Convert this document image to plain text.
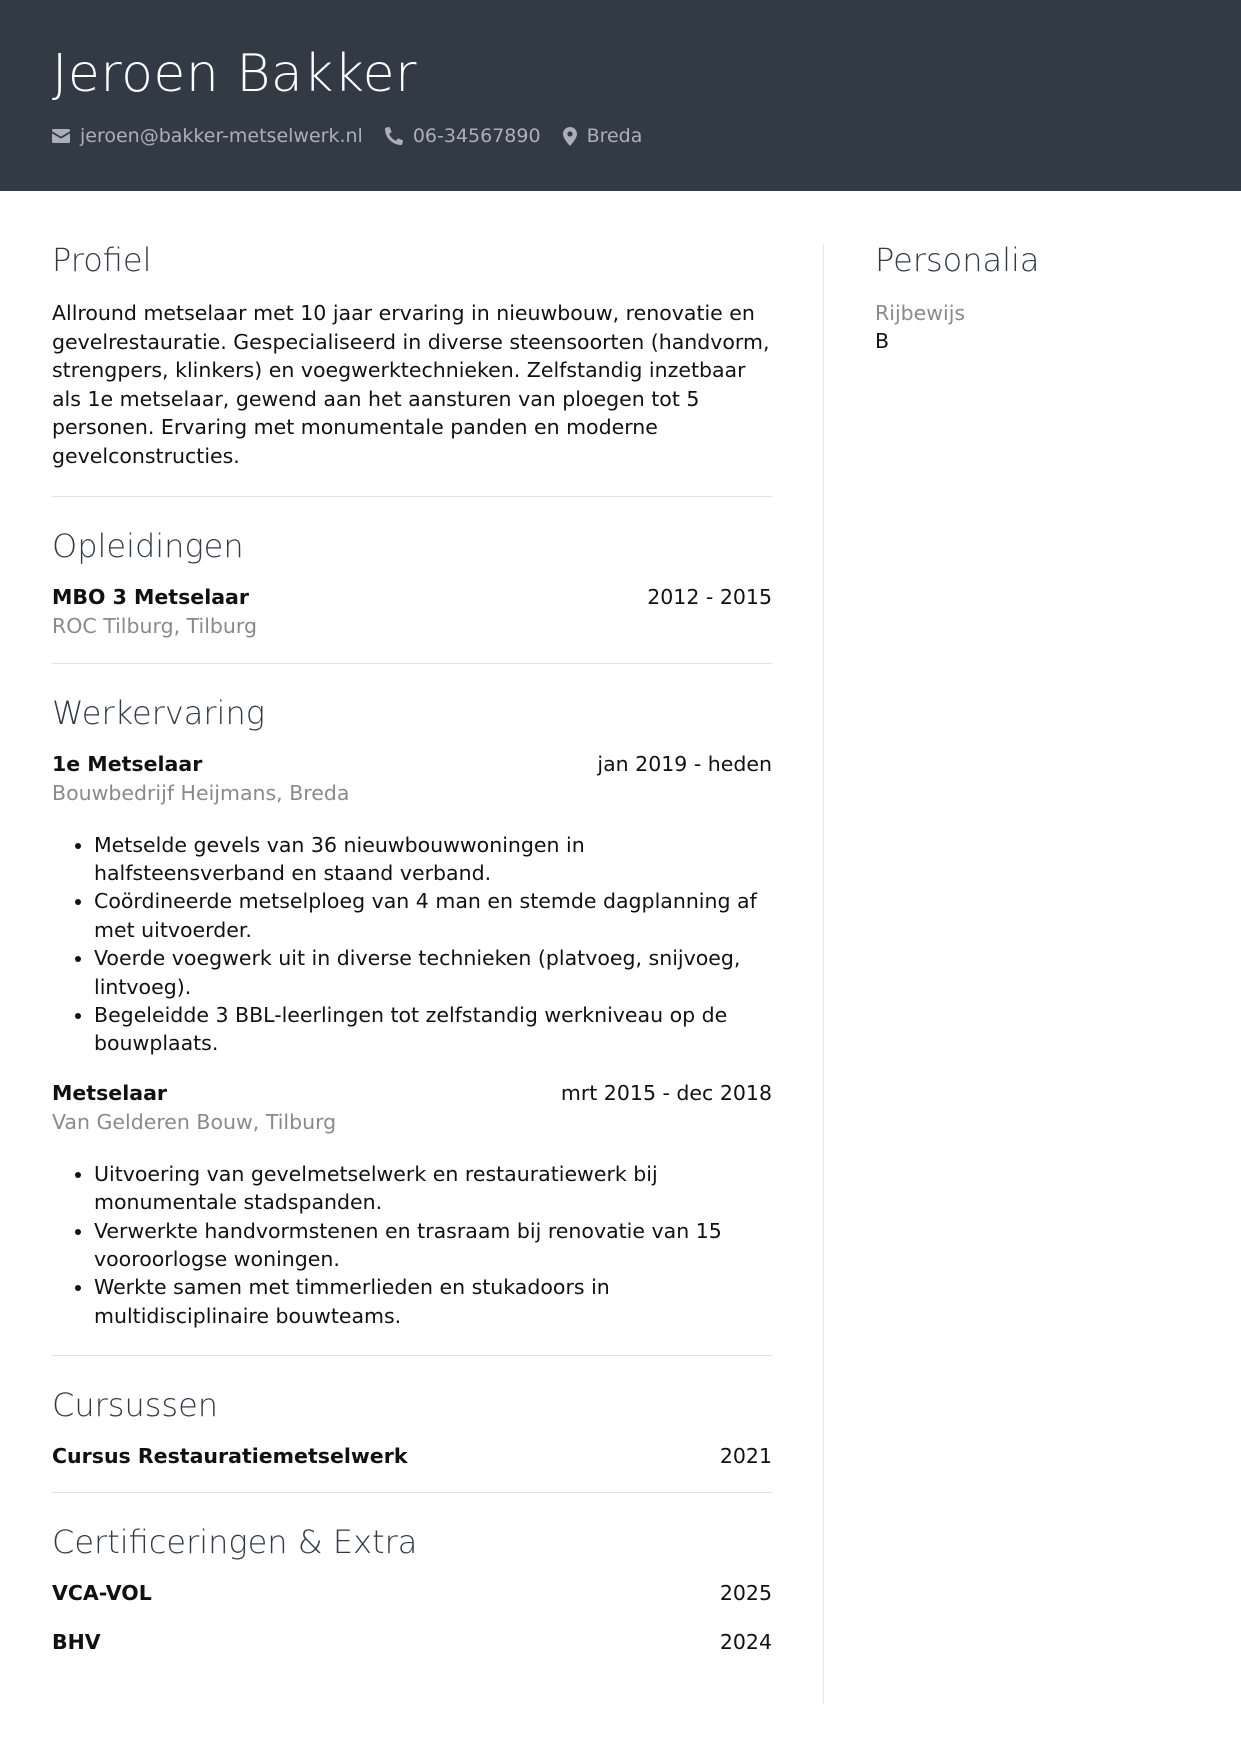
Jeroen Bakker
jeroen@bakker-metselwerk.nl	06-34567890 Breda
Profiel
Allround metselaar met 10 jaar ervaring in nieuwbouw, renovatie en gevelrestauratie. Gespecialiseerd in diverse steensoorten (handvorm, strengpers, klinkers) en voegwerktechnieken. Zelfstandig inzetbaar als 1e metselaar, gewend aan het aansturen van ploegen tot 5 personen. Ervaring met monumentale panden en moderne gevelconstructies.
Opleidingen
MBO 3 Metselaar	2012 - 2015
ROC Tilburg, Tilburg
Werkervaring
1e Metselaar	jan 2019 - heden
Bouwbedrijf Heijmans, Breda
• Metselde gevels van 36 nieuwbouwwoningen in halfsteensverband en staand verband.
• Coördineerde metselploeg van 4 man en stemde dagplanning af met uitvoerder.
• Voerde voegwerk uit in diverse technieken (platvoeg, snijvoeg, lintvoeg).
• Begeleidde 3 BBL-leerlingen tot zelfstandig werkniveau op de bouwplaats.
Metselaar	mrt 2015 - dec 2018
Van Gelderen Bouw, Tilburg
• Uitvoering van gevelmetselwerk en restauratiewerk bij monumentale stadspanden.
• Verwerkte handvormstenen en trasraam bij renovatie van 15 vooroorlogse woningen.
• Werkte samen met timmerlieden en stukadoors in multidisciplinaire bouwteams.
Cursussen
Cursus Restauratiemetselwerk	2021
Certificeringen & Extra
VCA-VOL	2025
BHV	2024
Personalia
Rijbewijs
B
